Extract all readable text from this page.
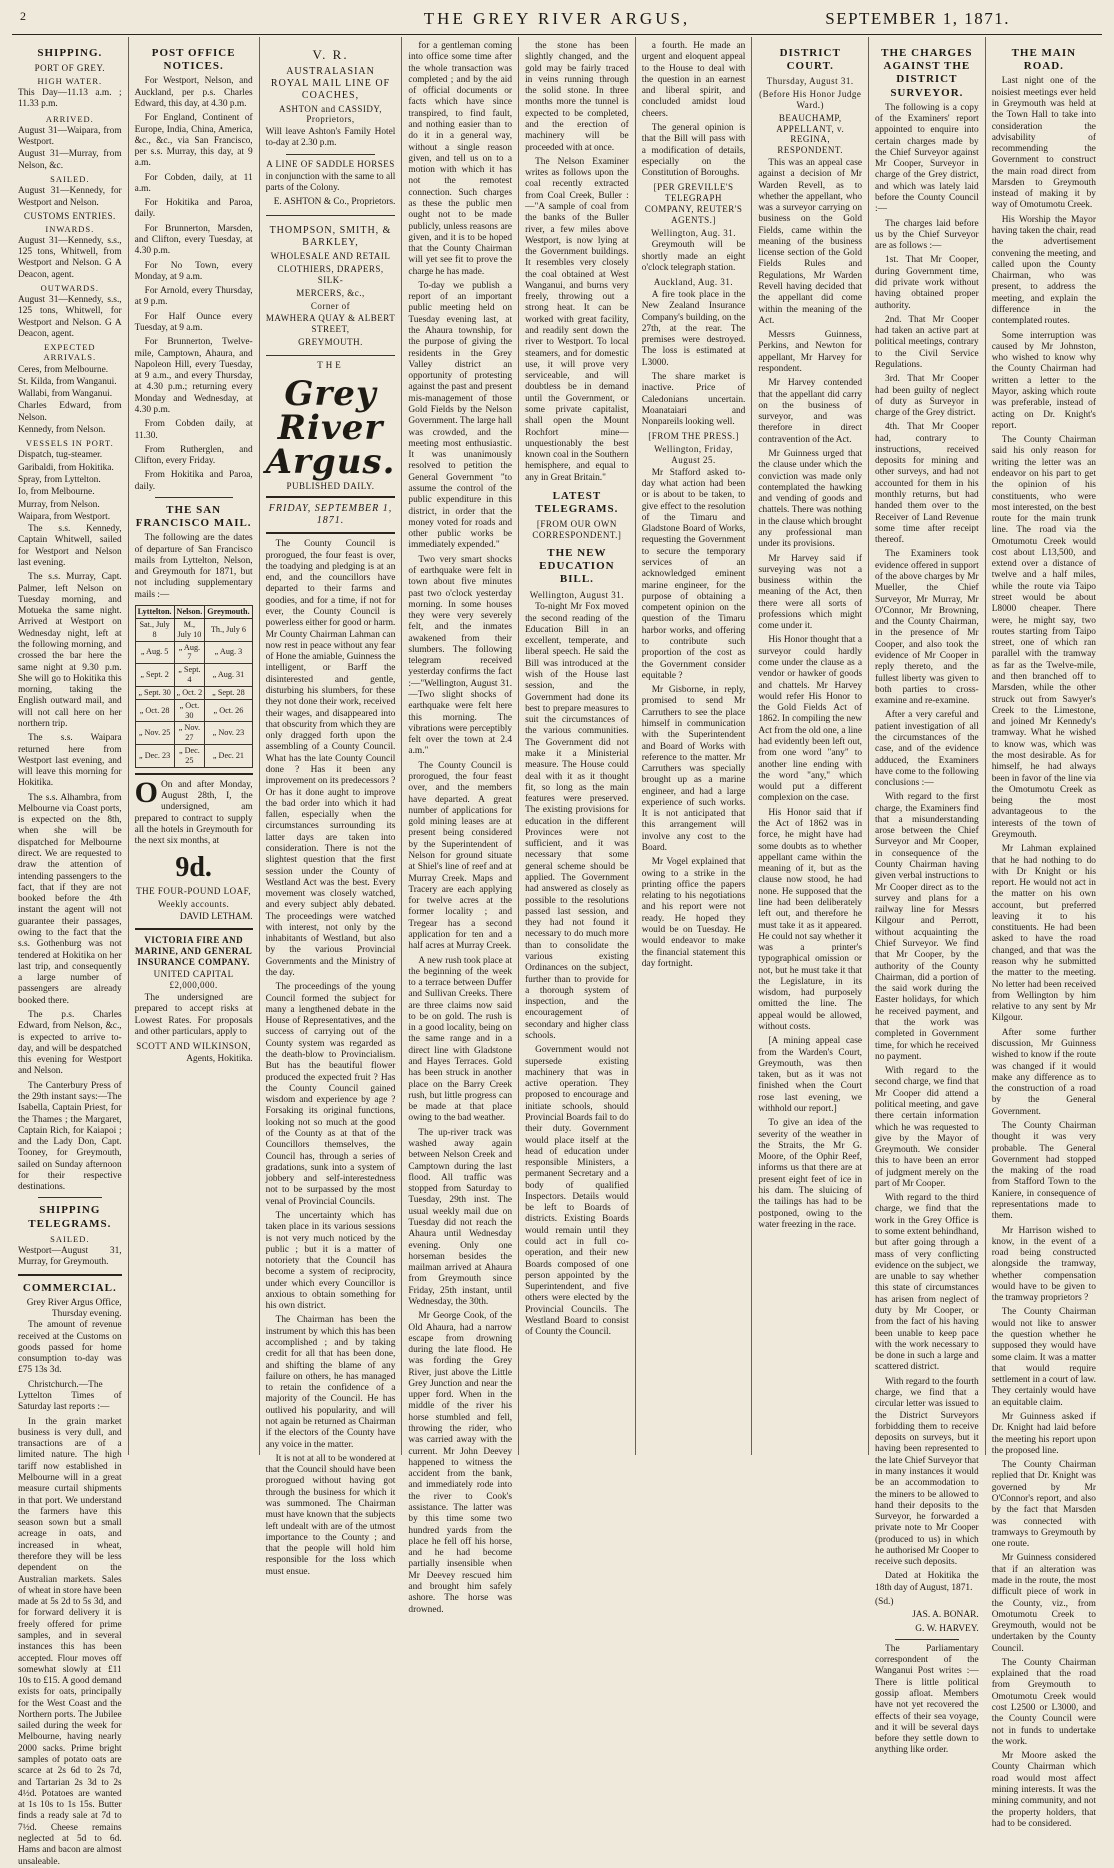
2	THE GREY RIVER ARGUS,	SEPTEMBER 1, 1871.
SHIPPING.
PORT OF GREY.
HIGH WATER.

This Day—11.13 a.m. ; 11.33 p.m.

ARRIVED.

August 31—Waipara, from Westport.

August 31—Murray, from Nelson, &c.

SAILED.

August 31—Kennedy, for Westport and Nelson.

CUSTOMS ENTRIES.
INWARDS.

August 31—Kennedy, s.s., 125 tons, Whitwell, from Westport and Nelson. G A Deacon, agent.

OUTWARDS.

August 31—Kennedy, s.s., 125 tons, Whitwell, for Westport and Nelson. G A Deacon, agent.

EXPECTED ARRIVALS.

Ceres, from Melbourne.

St. Kilda, from Wanganui.

Wallabi, from Wanganui.

Charles Edward, from Nelson.

Kennedy, from Nelson.

VESSELS IN PORT.

Dispatch, tug-steamer.

Garibaldi, from Hokitika.

Spray, from Lyttelton.

Io, from Melbourne.

Murray, from Nelson.

Waipara, from Westport.

The s.s. Kennedy, Captain Whitwell, sailed for Westport and Nelson last evening.

The s.s. Murray, Capt. Palmer, left Nelson on Tuesday morning, and Motueka the same night. Arrived at Westport on Wednesday night, left at the following morning, and crossed the bar here the same night at 9.30 p.m. She will go to Hokitika this morning, taking the English outward mail, and will not call here on her northern trip.

The s.s. Waipara returned here from Westport last evening, and will leave this morning for Hokitika.

The s.s. Alhambra, from Melbourne via Coast ports, is expected on the 8th, when she will be dispatched for Melbourne direct. We are requested to draw the attention of intending passengers to the fact, that if they are not booked before the 4th instant the agent will not guarantee their passages, owing to the fact that the s.s. Gothenburg was not tendered at Hokitika on her last trip, and consequently a large number of passengers are already booked there.

The p.s. Charles Edward, from Nelson, &c., is expected to arrive to-day, and will be despatched this evening for Westport and Nelson.

The Canterbury Press of the 29th instant says:—The Isabella, Captain Priest, for the Thames ; the Margaret, Captain Rich, for Kaiapoi ; and the Lady Don, Capt. Tooney, for Greymouth, sailed on Sunday afternoon for their respective destinations.

SHIPPING TELEGRAMS.
SAILED.

Westport—August 31, Murray, for Greymouth.

COMMERCIAL.
Grey River Argus Office,
Thursday evening.

The amount of revenue received at the Customs on goods passed for home consumption to-day was £75 13s 3d.

Christchurch.—The Lyttelton Times of Saturday last reports :—

In the grain market business is very dull, and transactions are of a limited nature. The high tariff now established in Melbourne will in a great measure curtail shipments in that port. We understand the farmers have this season sown but a small acreage in oats, and increased in wheat, therefore they will be less dependent on the Australian markets. Sales of wheat in store have been made at 5s 2d to 5s 3d, and for forward delivery it is freely offered for prime samples, and in several instances this has been accepted. Flour moves off somewhat slowly at £11 10s to £15. A good demand exists for oats, principally for the West Coast and the Northern ports. The Jubilee sailed during the week for Melbourne, having nearly 2000 sacks. Prime bright samples of potato oats are scarce at 2s 6d to 2s 7d, and Tartarian 2s 3d to 2s 4½d. Potatoes are wanted at 1s 10s to 1s 15s. Butter finds a ready sale at 7d to 7½d. Cheese remains neglected at 5d to 6d. Hams and bacon are almost unsaleable.

POST OFFICE NOTICES.

For Westport, Nelson, and Auckland, per p.s. Charles Edward, this day, at 4.30 p.m.

For England, Continent of Europe, India, China, America, &c., &c., via San Francisco, per s.s. Murray, this day, at 9 a.m.

For Cobden, daily, at 11 a.m.

For Hokitika and Paroa, daily.

For Brunnerton, Marsden, and Clifton, every Tuesday, at 4.30 p.m.

For No Town, every Monday, at 9 a.m.

For Arnold, every Thursday, at 9 p.m.

For Half Ounce every Tuesday, at 9 a.m.

For Brunnerton, Twelve-mile, Camptown, Ahaura, and Napoleon Hill, every Tuesday, at 9 a.m., and every Thursday, at 4.30 p.m.; returning every Monday and Wednesday, at 4.30 p.m.

From Cobden daily, at 11.30.

From Rutherglen, and Clifton, every Friday.

From Hokitika and Paroa, daily.

THE SAN FRANCISCO MAIL.

The following are the dates of departure of San Francisco mails from Lyttelton, Nelson, and Greymouth for 1871, but not including supplementary mails :—

Lyttelton.	Nelson.	Greymouth.
Sat., July 8	M., July 10	Th., July 6
„ Aug. 5	„ Aug. 7	„ Aug. 3
„ Sept. 2	„ Sept. 4	„ Aug. 31
„ Sept. 30	„ Oct. 2	„ Sept. 28
„ Oct. 28	„ Oct. 30	„ Oct. 26
„ Nov. 25	„ Nov. 27	„ Nov. 23
„ Dec. 23	„ Dec. 25	„ Dec. 21

O On and after Monday, August 28th, I, the undersigned, am prepared to contract to supply all the hotels in Greymouth for the next six months, at

9d.
THE FOUR-POUND LOAF,
Weekly accounts.
DAVID LETHAM.
VICTORIA FIRE AND MARINE, AND GENERAL INSURANCE COMPANY.
UNITED CAPITAL £2,000,000.

The undersigned are prepared to accept risks at Lowest Rates. For proposals and other particulars, apply to

SCOTT AND WILKINSON,
Agents, Hokitika.
V. R.
AUSTRALASIAN ROYAL MAIL LINE OF COACHES,
ASHTON and CASSIDY, Proprietors,

Will leave Ashton's Family Hotel to-day at 2.30 p.m.

A LINE OF SADDLE HORSES

in conjunction with the same to all parts of the Colony.

E. ASHTON & Co., Proprietors.
THOMPSON, SMITH, & BARKLEY,
WHOLESALE AND RETAIL
CLOTHIERS, DRAPERS, SILK-
MERCERS, &c.,
Corner of
MAWHERA QUAY & ALBERT STREET,
GREYMOUTH.
THE
Grey River Argus.
PUBLISHED DAILY.
FRIDAY, SEPTEMBER 1, 1871.

The County Council is prorogued, the four feast is over, the toadying and pledging is at an end, and the councillors have departed to their farms and goodies, and for a time, if not for ever, the County Council is powerless either for good or harm. Mr County Chairman Lahman can now rest in peace without any fear of Hone the amiable, Guinness the intelligent, or Barff the disinterested and gentle, disturbing his slumbers, for these they not done their work, received their wages, and disappeared into that obscurity from which they are only dragged forth upon the assembling of a County Council. What has the late County Council done ? Has it been any improvement on its predecessors ? Or has it done aught to improve the bad order into which it had fallen, especially when the circumstances surrounding its latter days are taken into consideration. There is not the slightest question that the first session under the County of Westland Act was the best. Every movement was closely watched, and every subject ably debated. The proceedings were watched with interest, not only by the inhabitants of Westland, but also by the various Provincial Governments and the Ministry of the day.

The proceedings of the young Council formed the subject for many a lengthened debate in the House of Representatives, and the success of carrying out of the County system was regarded as the death-blow to Provincialism. But has the beautiful flower produced the expected fruit ? Has the County Council gained wisdom and experience by age ? Forsaking its original functions, looking not so much at the good of the County as at that of the Councillors themselves, the Council has, through a series of gradations, sunk into a system of jobbery and self-interestedness not to be surpassed by the most venal of Provincial Councils.

The uncertainty which has taken place in its various sessions is not very much noticed by the public ; but it is a matter of notoriety that the Council has become a system of reciprocity, under which every Councillor is anxious to obtain something for his own district.

The Chairman has been the instrument by which this has been accomplished ; and by taking credit for all that has been done, and shifting the blame of any failure on others, he has managed to retain the confidence of a majority of the Council. He has outlived his popularity, and will not again be returned as Chairman if the electors of the County have any voice in the matter.

It is not at all to be wondered at that the Council should have been prorogued without having got through the business for which it was summoned. The Chairman must have known that the subjects left undealt with are of the utmost importance to the County ; and that the people will hold him responsible for the loss which must ensue.

for a gentleman coming into office some time after the whole transaction was completed ; and by the aid of official documents or facts which have since transpired, to find fault, and nothing easier than to do it in a general way, without a single reason given, and tell us on to a motion with which it has not the remotest connection. Such charges as these the public men ought not to be made publicly, unless reasons are given, and it is to be hoped that the County Chairman will yet see fit to prove the charge he has made.

To-day we publish a report of an important public meeting held on Tuesday evening last, at the Ahaura township, for the purpose of giving the residents in the Grey Valley district an opportunity of protesting against the past and present mis-management of those Gold Fields by the Nelson Government. The large hall was crowded, and the meeting most enthusiastic. It was unanimously resolved to petition the General Government "to assume the control of the public expenditure in this district, in order that the money voted for roads and other public works be immediately expended."

Two very smart shocks of earthquake were felt in town about five minutes past two o'clock yesterday morning. In some houses they were very severely felt, and the inmates awakened from their slumbers. The following telegram received yesterday confirms the fact :—"Wellington, August 31.—Two slight shocks of earthquake were felt here this morning. The vibrations were perceptibly felt over the town at 2.4 a.m."

The County Council is prorogued, the four feast over, and the members have departed. A great number of applications for gold mining leases are at present being considered by the Superintendent of Nelson for ground situate at Shiel's line of reef and at Murray Creek. Maps and Tracery are each applying for twelve acres at the former locality ; and Tregear has a second application for ten and a half acres at Murray Creek.

A new rush took place at the beginning of the week to a terrace between Duffer and Sullivan Creeks. There are three claims now said to be on gold. The rush is in a good locality, being on the same range and in a direct line with Gladstone and Hayes Terraces. Gold has been struck in another place on the Barry Creek rush, but little progress can be made at that place owing to the bad weather.

The up-river track was washed away again between Nelson Creek and Camptown during the last flood. All traffic was stopped from Saturday to Tuesday, 29th inst. The usual weekly mail due on Tuesday did not reach the Ahaura until Wednesday evening. Only one horseman besides the mailman arrived at Ahaura from Greymouth since Friday, 25th instant, until Wednesday, the 30th.

Mr George Cook, of the Old Ahaura, had a narrow escape from drowning during the late flood. He was fording the Grey River, just above the Little Grey Junction and near the upper ford. When in the middle of the river his horse stumbled and fell, throwing the rider, who was carried away with the current. Mr John Deevey happened to witness the accident from the bank, and immediately rode into the river to Cook's assistance. The latter was by this time some two hundred yards from the place he fell off his horse, and he had become partially insensible when Mr Deevey rescued him and brought him safely ashore. The horse was drowned.

the stone has been slightly changed, and the gold may be fairly traced in veins running through the solid stone. In three months more the tunnel is expected to be completed, and the erection of machinery will be proceeded with at once.

The Nelson Examiner writes as follows upon the coal recently extracted from Coal Creek, Buller :—"A sample of coal from the banks of the Buller river, a few miles above Westport, is now lying at the Government buildings. It resembles very closely the coal obtained at West Wanganui, and burns very freely, throwing out a strong heat. It can be worked with great facility, and readily sent down the river to Westport. To local steamers, and for domestic use, it will prove very serviceable, and will doubtless be in demand until the Government, or some private capitalist, shall open the Mount Rochfort mine—unquestionably the best known coal in the Southern hemisphere, and equal to any in Great Britain."

LATEST TELEGRAMS.
[FROM OUR OWN CORRESPONDENT.]
THE NEW EDUCATION BILL.
Wellington, August 31.

To-night Mr Fox moved the second reading of the Education Bill in an excellent, temperate, and liberal speech. He said the Bill was introduced at the wish of the House last session, and the Government had done its best to prepare measures to suit the circumstances of the various communities. The Government did not make it a Ministerial measure. The House could deal with it as it thought fit, so long as the main features were preserved. The existing provisions for education in the different Provinces were not sufficient, and it was necessary that some general scheme should be applied. The Government had answered as closely as possible to the resolutions passed last session, and they had not found it necessary to do much more than to consolidate the various existing Ordinances on the subject, further than to provide for a thorough system of inspection, and the encouragement of secondary and higher class schools.

Government would not supersede existing machinery that was in active operation. They proposed to encourage and initiate schools, should Provincial Boards fail to do their duty. Government would place itself at the head of education under responsible Ministers, a permanent Secretary and a body of qualified Inspectors. Details would be left to Boards of districts. Existing Boards would remain until they could act in full co-operation, and their new Boards composed of one person appointed by the Superintendent, and five others were elected by the Provincial Councils. The Westland Board to consist of County the Council.

a fourth. He made an urgent and eloquent appeal to the House to deal with the question in an earnest and liberal spirit, and concluded amidst loud cheers.

The general opinion is that the Bill will pass with a modification of details, especially on the Constitution of Boroughs.

[PER GREVILLE'S TELEGRAPH COMPANY, REUTER'S AGENTS.]
Wellington, Aug. 31.

Greymouth will be shortly made an eight o'clock telegraph station.

Auckland, Aug. 31.

A fire took place in the New Zealand Insurance Company's building, on the 27th, at the rear. The premises were destroyed. The loss is estimated at L3000.

The share market is inactive. Price of Caledonians uncertain. Moanataiari and Nonpareils looking well.

[FROM THE PRESS.]
Wellington, Friday, August 25.

Mr Stafford asked to-day what action had been or is about to be taken, to give effect to the resolution of the Timaru and Gladstone Board of Works, requesting the Government to secure the temporary services of an acknowledged eminent marine engineer, for the purpose of obtaining a competent opinion on the question of the Timaru harbor works, and offering to contribute such proportion of the cost as the Government consider equitable ?

Mr Gisborne, in reply, promised to send Mr Carruthers to see the place himself in communication with the Superintendent and Board of Works with reference to the matter. Mr Carruthers was specially brought up as a marine engineer, and had a large experience of such works. It is not anticipated that this arrangement will involve any cost to the Board.

Mr Vogel explained that owing to a strike in the printing office the papers relating to his negotiations and his report were not ready. He hoped they would be on Tuesday. He would endeavor to make the financial statement this day fortnight.

DISTRICT COURT.
Thursday, August 31.
(Before His Honor Judge Ward.)
BEAUCHAMP, APPELLANT, v. REGINA, RESPONDENT.

This was an appeal case against a decision of Mr Warden Revell, as to whether the appellant, who was a surveyor carrying on business on the Gold Fields, came within the meaning of the business license section of the Gold Fields Rules and Regulations, Mr Warden Revell having decided that the appellant did come within the meaning of the Act.

Messrs Guinness, Perkins, and Newton for appellant, Mr Harvey for respondent.

Mr Harvey contended that the appellant did carry on the business of surveyor, and was therefore in direct contravention of the Act.

Mr Guinness urged that the clause under which the conviction was made only contemplated the hawking and vending of goods and chattels. There was nothing in the clause which brought any professional man under its provisions.

Mr Harvey said if surveying was not a business within the meaning of the Act, then there were all sorts of professions which might come under it.

His Honor thought that a surveyor could hardly come under the clause as a vendor or hawker of goods and chattels. Mr Harvey would refer His Honor to the Gold Fields Act of 1862. In compiling the new Act from the old one, a line had evidently been left out, from one word "any" to another line ending with the word "any," which would put a different complexion on the case.

His Honor said that if the Act of 1862 was in force, he might have had some doubts as to whether appellant came within the meaning of it, but as the clause now stood, he had none. He supposed that the line had been deliberately left out, and therefore he must take it as it appeared. He could not say whether it was a printer's typographical omission or not, but he must take it that the Legislature, in its wisdom, had purposely omitted the line. The appeal would be allowed, without costs.

[A mining appeal case from the Warden's Court, Greymouth, was then taken, but as it was not finished when the Court rose last evening, we withhold our report.]

To give an idea of the severity of the weather in the Straits, the Mr G. Moore, of the Ophir Reef, informs us that there are at present eight feet of ice in his dam. The sluicing of the tailings has had to be postponed, owing to the water freezing in the race.

THE CHARGES AGAINST THE DISTRICT SURVEYOR.

The following is a copy of the Examiners' report appointed to enquire into certain charges made by the Chief Surveyor against Mr Cooper, Surveyor in charge of the Grey district, and which was lately laid before the County Council :—

The charges laid before us by the Chief Surveyor are as follows :—

1st. That Mr Cooper, during Government time, did private work without having obtained proper authority.

2nd. That Mr Cooper had taken an active part at political meetings, contrary to the Civil Service Regulations.

3rd. That Mr Cooper had been guilty of neglect of duty as Surveyor in charge of the Grey district.

4th. That Mr Cooper had, contrary to instructions, received deposits for mining and other surveys, and had not accounted for them in his monthly returns, but had handed them over to the Receiver of Land Revenue some time after receipt thereof.

The Examiners took evidence offered in support of the above charges by Mr Mueller, the Chief Surveyor, Mr Murray, Mr O'Connor, Mr Browning, and the County Chairman, in the presence of Mr Cooper, and also took the evidence of Mr Cooper in reply thereto, and the fullest liberty was given to both parties to cross-examine and re-examine.

After a very careful and patient investigation of all the circumstances of the case, and of the evidence adduced, the Examiners have come to the following conclusions :—

With regard to the first charge, the Examiners find that a misunderstanding arose between the Chief Surveyor and Mr Cooper, in consequence of the County Chairman having given verbal instructions to Mr Cooper direct as to the survey and plans for a railway line for Messrs Kilgour and Perrott, without acquainting the Chief Surveyor. We find that Mr Cooper, by the authority of the County Chairman, did a portion of the said work during the Easter holidays, for which he received payment, and that the work was completed in Government time, for which he received no payment.

With regard to the second charge, we find that Mr Cooper did attend a political meeting, and gave there certain information which he was requested to give by the Mayor of Greymouth. We consider this to have been an error of judgment merely on the part of Mr Cooper.

With regard to the third charge, we find that the work in the Grey Office is to some extent behindhand, but after going through a mass of very conflicting evidence on the subject, we are unable to say whether this state of circumstances has arisen from neglect of duty by Mr Cooper, or from the fact of his having been unable to keep pace with the work necessary to be done in such a large and scattered district.

With regard to the fourth charge, we find that a circular letter was issued to the District Surveyors forbidding them to receive deposits on surveys, but it having been represented to the late Chief Surveyor that in many instances it would be an accommodation to the miners to be allowed to hand their deposits to the Surveyor, he forwarded a private note to Mr Cooper (produced to us) in which he authorised Mr Cooper to receive such deposits.

Dated at Hokitika the 18th day of August, 1871.

(Sd.)
JAS. A. BONAR.
G. W. HARVEY.

The Parliamentary correspondent of the Wanganui Post writes :—There is little political gossip afloat. Members have not yet recovered the effects of their sea voyage, and it will be several days before they settle down to anything like order.

THE MAIN ROAD.

Last night one of the noisiest meetings ever held in Greymouth was held at the Town Hall to take into consideration the advisability of recommending the Government to construct the main road direct from Marsden to Greymouth instead of making it by way of Omotumotu Creek.

His Worship the Mayor having taken the chair, read the advertisement convening the meeting, and called upon the County Chairman, who was present, to address the meeting, and explain the difference in the contemplated routes.

Some interruption was caused by Mr Johnston, who wished to know why the County Chairman had written a letter to the Mayor, asking which route was preferable, instead of acting on Dr. Knight's report.

The County Chairman said his only reason for writing the letter was an endeavor on his part to get the opinion of his constituents, who were most interested, on the best route for the main trunk line. The road via the Omotumotu Creek would cost about L13,500, and extend over a distance of twelve and a half miles, while the route via Taipo street would be about L8000 cheaper. There were, he might say, two routes starting from Taipo street, one of which ran parallel with the tramway as far as the Twelve-mile, and then branched off to Marsden, while the other struck out from Sawyer's Creek to the Limestone, and joined Mr Kennedy's tramway. What he wished to know was, which was the most desirable. As for himself, he had always been in favor of the line via the Omotumotu Creek as being the most advantageous to the interests of the town of Greymouth.

Mr Lahman explained that he had nothing to do with Dr Knight or his report. He would not act in the matter on his own account, but preferred leaving it to his constituents. He had been asked to have the road changed, and that was the reason why he submitted the matter to the meeting. No letter had been received from Wellington by him relative to any sent by Mr Kilgour.

After some further discussion, Mr Guinness wished to know if the route was changed if it would make any difference as to the construction of a road by the General Government.

The County Chairman thought it was very probable. The General Government had stopped the making of the road from Stafford Town to the Kaniere, in consequence of representations made to them.

Mr Harrison wished to know, in the event of a road being constructed alongside the tramway, whether compensation would have to be given to the tramway proprietors ?

The County Chairman would not like to answer the question whether he supposed they would have some claim. It was a matter that would require settlement in a court of law. They certainly would have an equitable claim.

Mr Guinness asked if Dr. Knight had laid before the meeting his report upon the proposed line.

The County Chairman replied that Dr. Knight was governed by Mr O'Connor's report, and also by the fact that Marsden was connected with tramways to Greymouth by one route.

Mr Guinness considered that if an alteration was made in the route, the most difficult piece of work in the County, viz., from Omotumotu Creek to Greymouth, would not be undertaken by the County Council.

The County Chairman explained that the road from Greymouth to Omotumotu Creek would cost L2500 or L3000, and the County Council were not in funds to undertake the work.

Mr Moore asked the County Chairman which road would most affect mining interests. It was the mining community, and not the property holders, that had to be considered.
